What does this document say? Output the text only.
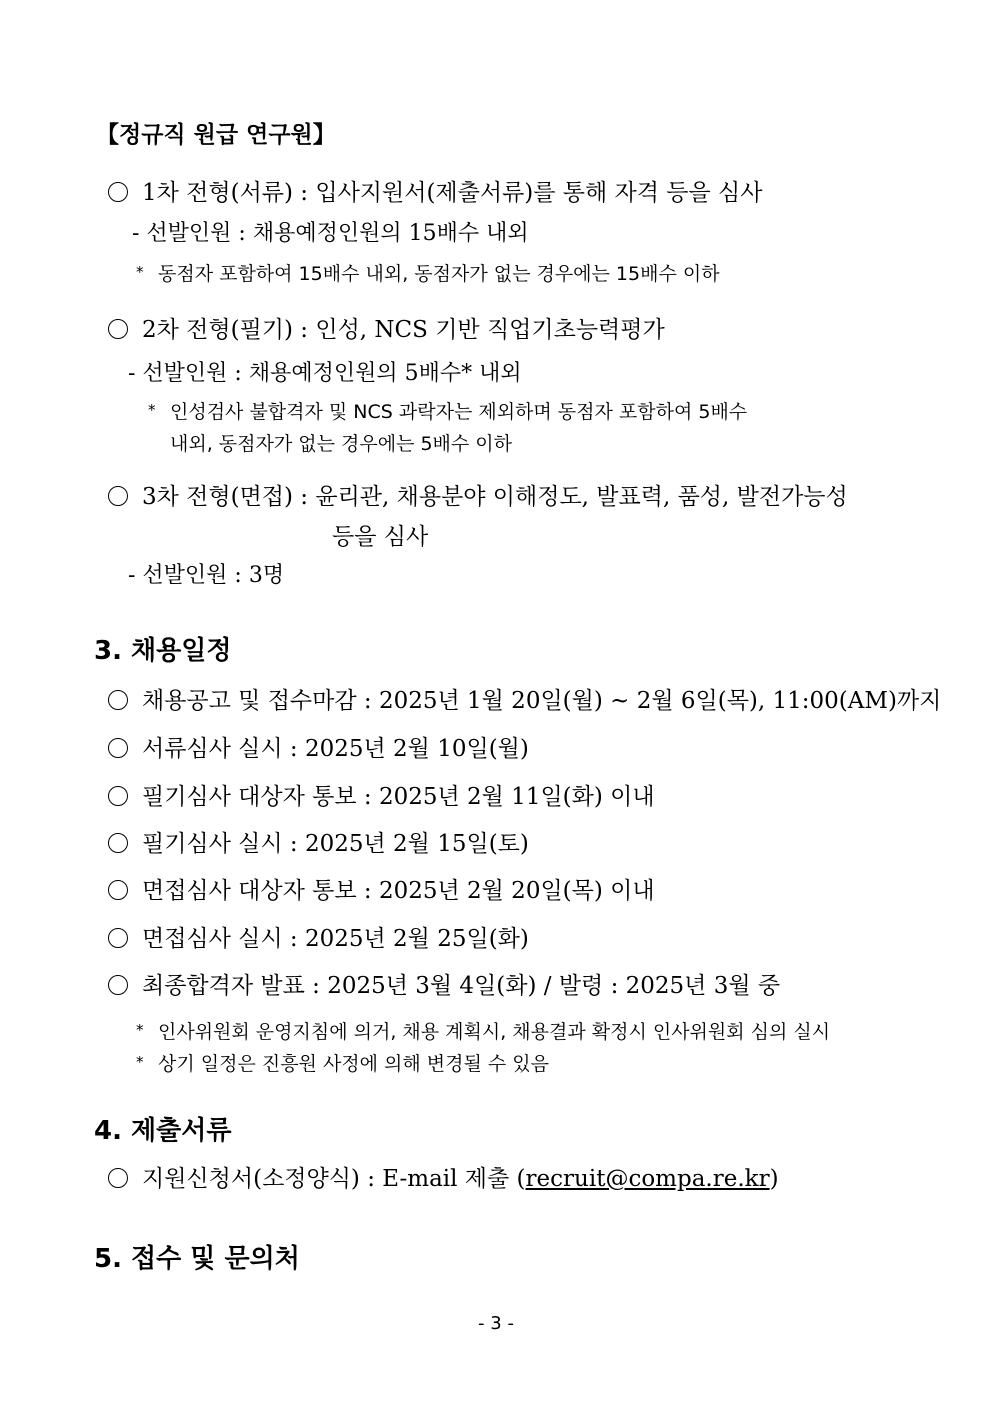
【정규직 원급 연구원】
1차 전형(서류) : 입사지원서(제출서류)를 통해 자격 등을 심사
- 선발인원 : 채용예정인원의 15배수 내외
* 동점자 포함하여 15배수 내외, 동점자가 없는 경우에는 15배수 이하
2차 전형(필기) : 인성, NCS 기반 직업기초능력평가
- 선발인원 : 채용예정인원의 5배수* 내외
* 인성검사 불합격자 및 NCS 과락자는 제외하며 동점자 포함하여 5배수
내외, 동점자가 없는 경우에는 5배수 이하
3차 전형(면접) : 윤리관, 채용분야 이해정도, 발표력, 품성, 발전가능성
등을 심사
- 선발인원 : 3명
3. 채용일정
채용공고 및 접수마감 : 2025년 1월 20일(월) ~ 2월 6일(목), 11:00(AM)까지
서류심사 실시 : 2025년 2월 10일(월)
필기심사 대상자 통보 : 2025년 2월 11일(화) 이내
필기심사 실시 : 2025년 2월 15일(토)
면접심사 대상자 통보 : 2025년 2월 20일(목) 이내
면접심사 실시 : 2025년 2월 25일(화)
최종합격자 발표 : 2025년 3월 4일(화) / 발령 : 2025년 3월 중
* 인사위원회 운영지침에 의거, 채용 계획시, 채용결과 확정시 인사위원회 심의 실시
* 상기 일정은 진흥원 사정에 의해 변경될 수 있음
4. 제출서류
지원신청서(소정양식) : E-mail 제출 (recruit@compa.re.kr)
5. 접수 및 문의처
- 3 -
